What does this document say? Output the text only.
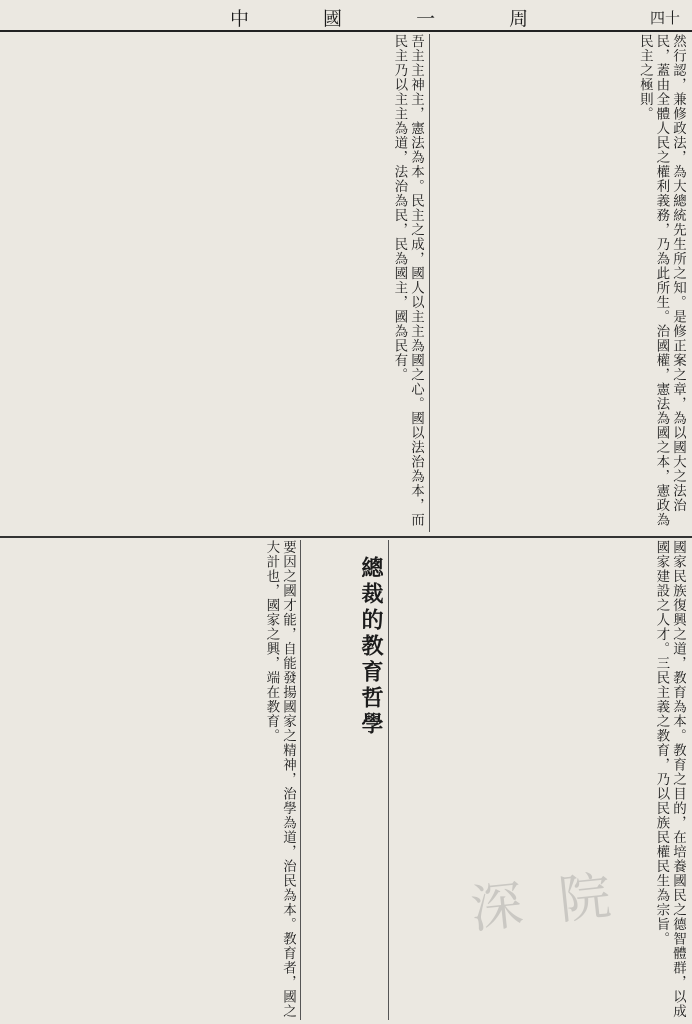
中 國 一 周	四十
然行認，兼修政法，為大總統先生所之知。是修正案之章，為以國大之法治民，蓋由全體人民之權利義務，乃為此所生。治國權，憲法為國之本，憲政為民主之極則。
吾主主神主，憲法為本。民主之成，國人以主主為國之心。國以法治為本，而民主乃以主主為道，法治為民，民為國主，國為民有。
國家民族復興之道，教育為本。教育之目的，在培養國民之德智體群，以成國家建設之人才。三民主義之教育，乃以民族民權民生為宗旨。
總裁的教育哲學
要因之國才能，自能發揚國家之精神，治學為道，治民為本。教育者，國之大計也，國家之興，端在教育。
深 院
